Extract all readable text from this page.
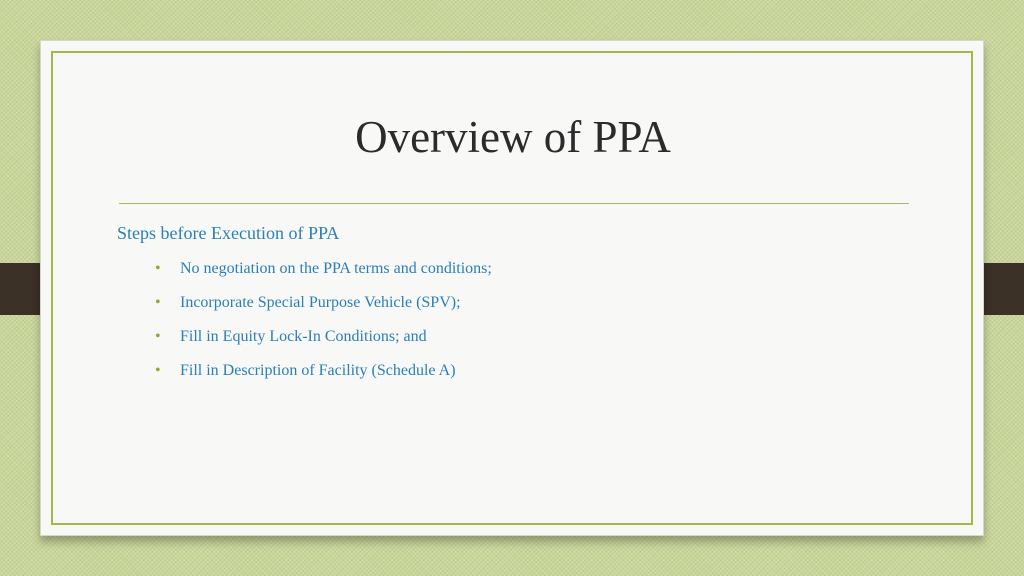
Overview of PPA

Steps before Execution of PPA

• No negotiation on the PPA terms and conditions;
• Incorporate Special Purpose Vehicle (SPV);
• Fill in Equity Lock-In Conditions; and
• Fill in Description of Facility (Schedule A)
